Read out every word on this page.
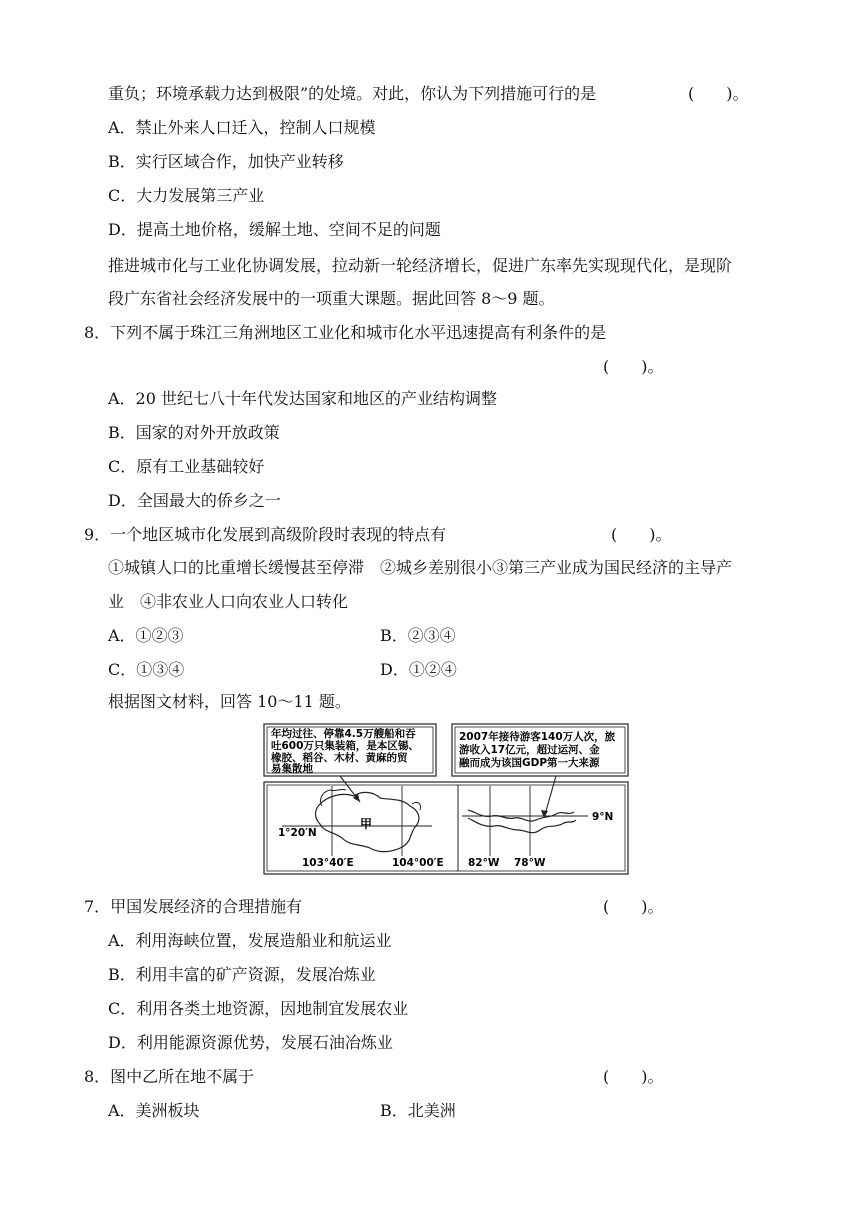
重负；环境承载力达到极限”的处境。对此，你认为下列措施可行的是	(　　)。
A．禁止外来人口迁入，控制人口规模
B．实行区域合作，加快产业转移
C．大力发展第三产业
D．提高土地价格，缓解土地、空间不足的问题
推进城市化与工业化协调发展，拉动新一轮经济增长，促进广东率先实现现代化，是现阶
段广东省社会经济发展中的一项重大课题。据此回答 8～9 题。
8．下列不属于珠江三角洲地区工业化和城市化水平迅速提高有利条件的是
(　　)。
A．20 世纪七八十年代发达国家和地区的产业结构调整
B．国家的对外开放政策
C．原有工业基础较好
D．全国最大的侨乡之一
9．一个地区城市化发展到高级阶段时表现的特点有	(　　)。
①城镇人口的比重增长缓慢甚至停滞　②城乡差别很小③第三产业成为国民经济的主导产
业　④非农业人口向农业人口转化
A．①②③	B．②③④
C．①③④	D．①②④
根据图文材料，回答 10～11 题。
年均过往、停靠4.5万艘船和吞
吐600万只集装箱，是本区锡、
橡胶、稻谷、木材、黄麻的贸
易集散地
2007年接待游客140万人次，旅
游收入17亿元，超过运河、金
融而成为该国GDP第一大来源
甲
1°20′N
103°40′E	104°00′E
9°N
82°W 78°W
7．甲国发展经济的合理措施有	(　　)。
A．利用海峡位置，发展造船业和航运业
B．利用丰富的矿产资源，发展冶炼业
C．利用各类土地资源，因地制宜发展农业
D．利用能源资源优势，发展石油冶炼业
8．图中乙所在地不属于	(　　)。
A．美洲板块	B．北美洲
